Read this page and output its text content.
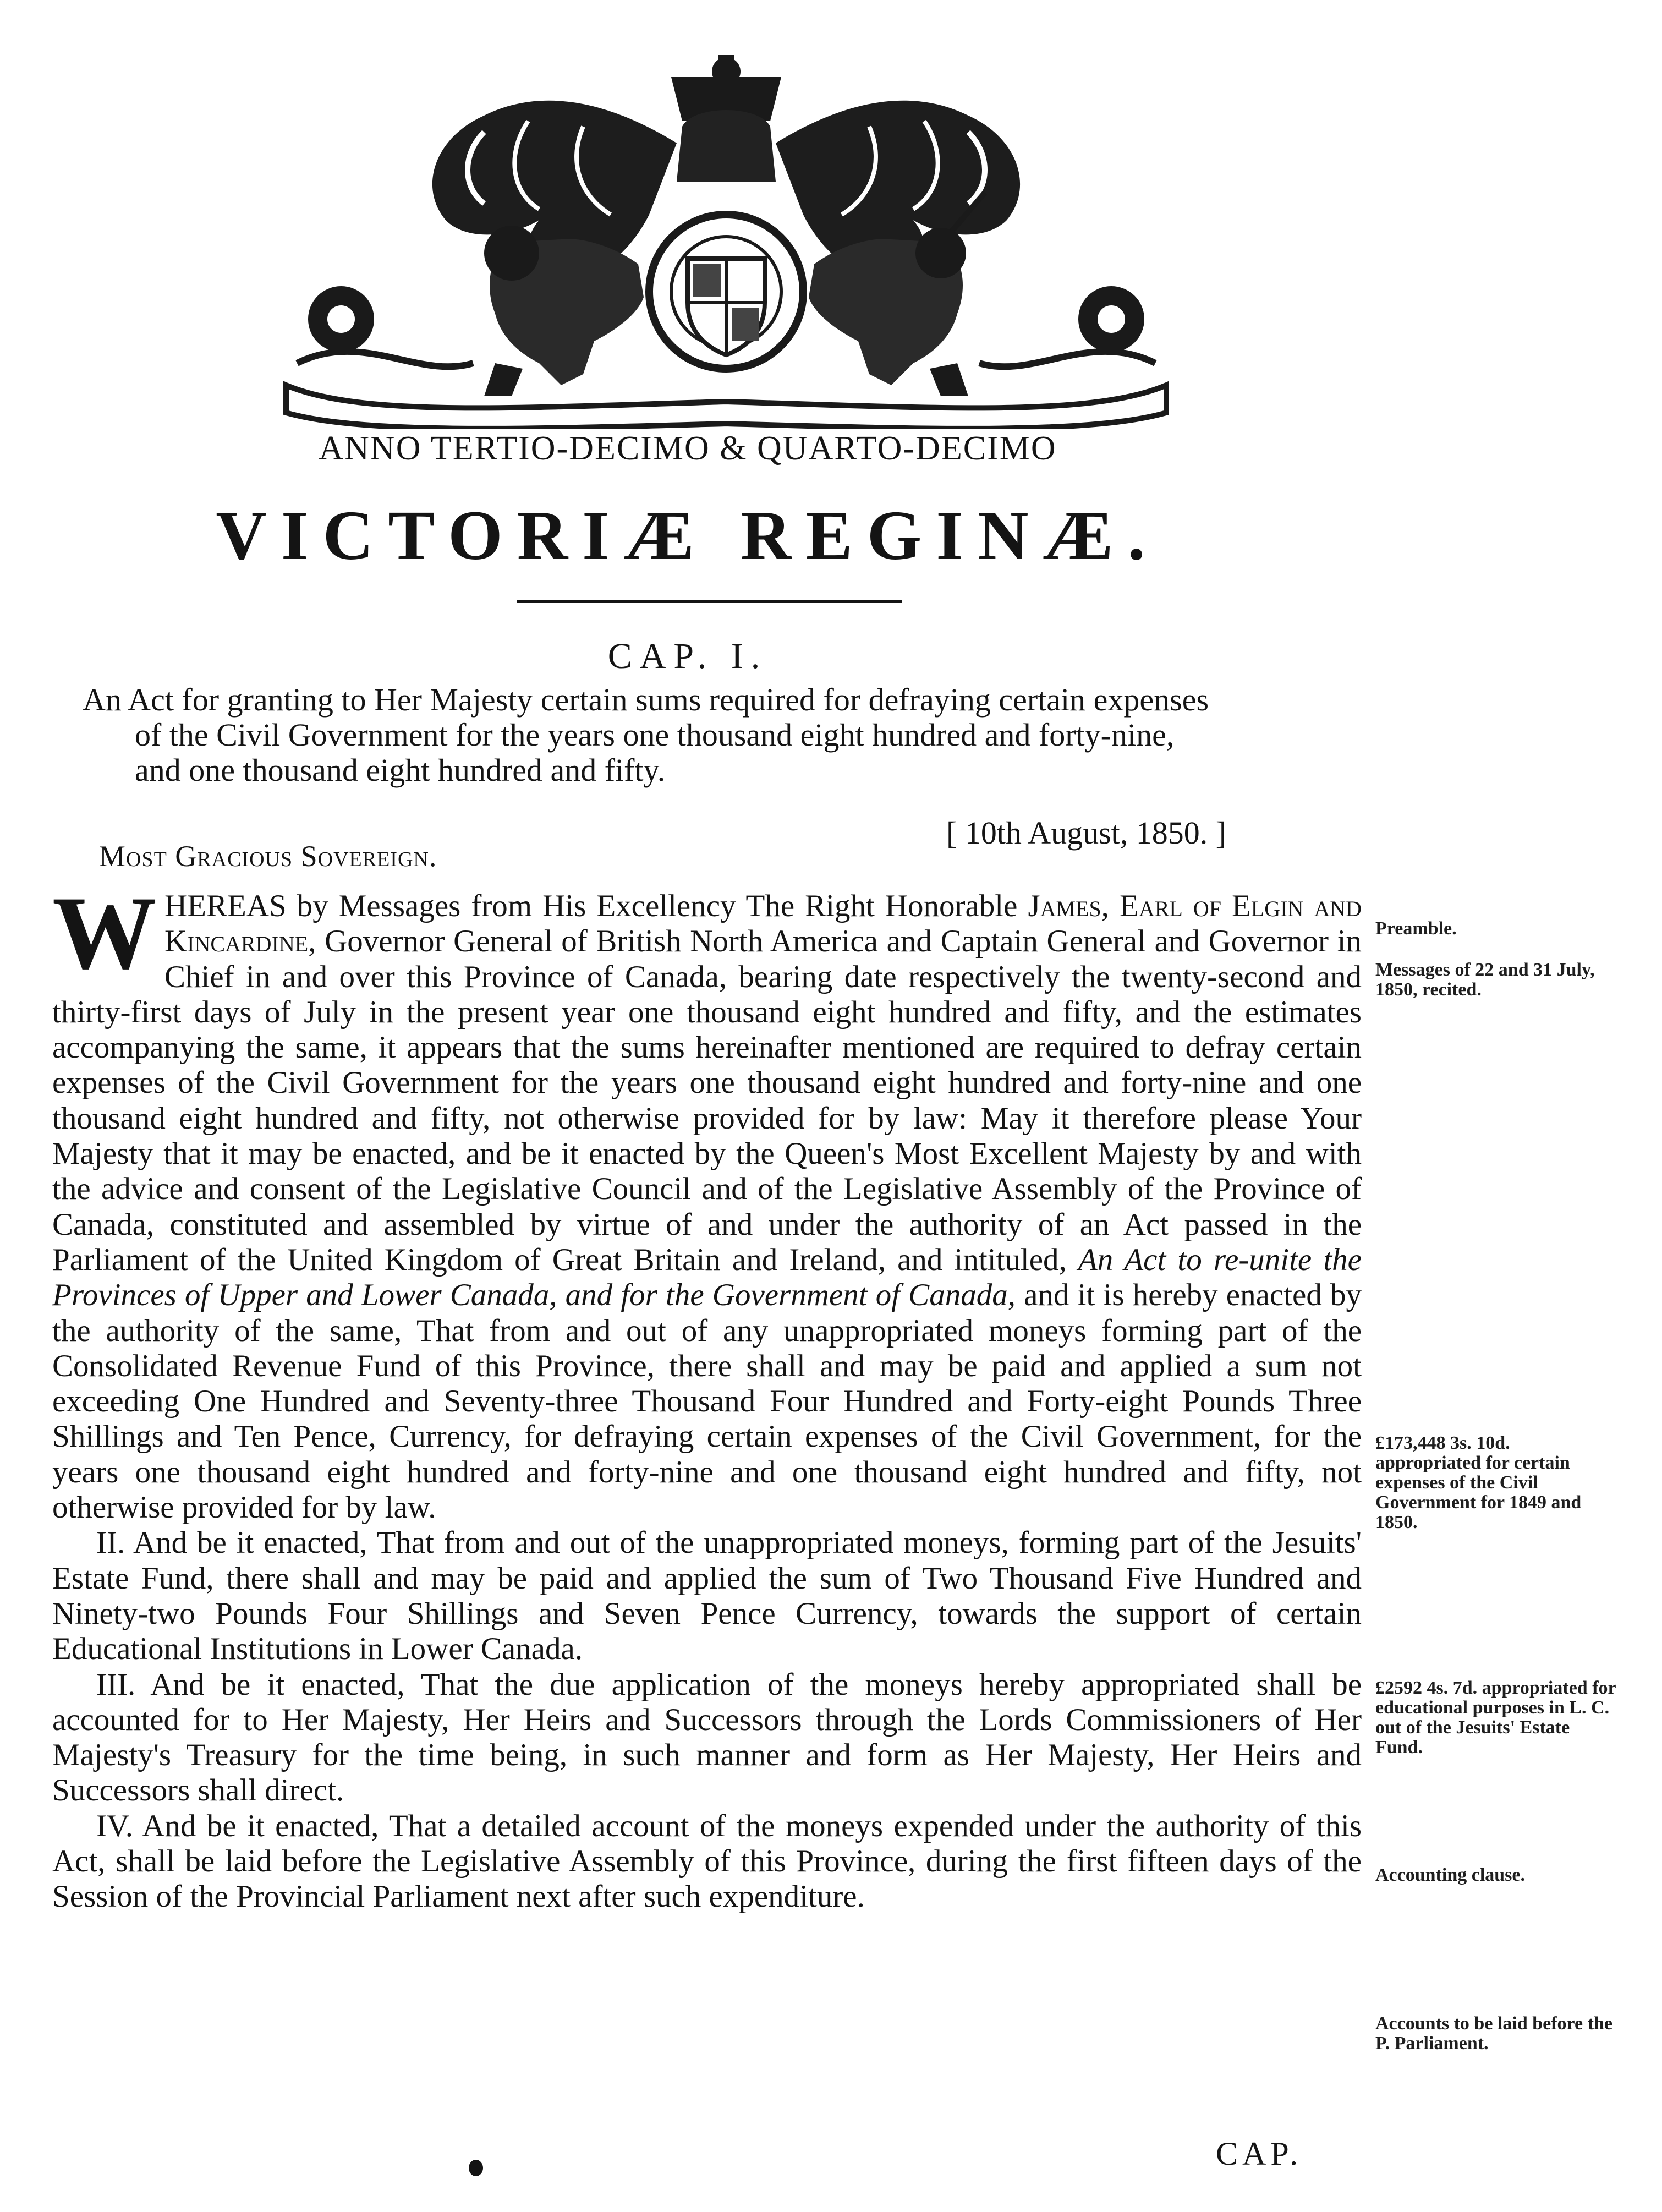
ANNO TERTIO-DECIMO & QUARTO-DECIMO
VICTORIÆ REGINÆ.
CAP. I.
An Act for granting to Her Majesty certain sums required for defraying certain expenses
of the Civil Government for the years one thousand eight hundred and forty-nine,
and one thousand eight hundred and fifty.
[ 10th August, 1850. ]
Most Gracious Sovereign.

WHEREAS by Messages from His Excellency The Right Honorable James, Earl of Elgin and Kincardine, Governor General of British North America and Captain General and Governor in Chief in and over this Province of Canada, bearing date respectively the twenty-second and thirty-first days of July in the present year one thousand eight hundred and fifty, and the estimates accompanying the same, it appears that the sums hereinafter mentioned are required to defray certain expenses of the Civil Government for the years one thousand eight hundred and forty-nine and one thousand eight hundred and fifty, not otherwise provided for by law: May it therefore please Your Majesty that it may be enacted, and be it enacted by the Queen's Most Excellent Majesty by and with the advice and consent of the Legislative Council and of the Legislative Assembly of the Province of Canada, constituted and assembled by virtue of and under the authority of an Act passed in the Parliament of the United Kingdom of Great Britain and Ireland, and intituled, An Act to re-unite the Provinces of Upper and Lower Canada, and for the Government of Canada, and it is hereby enacted by the authority of the same, That from and out of any unappropriated moneys forming part of the Consolidated Revenue Fund of this Province, there shall and may be paid and applied a sum not exceeding One Hundred and Seventy-three Thousand Four Hundred and Forty-eight Pounds Three Shillings and Ten Pence, Currency, for defraying certain expenses of the Civil Government, for the years one thousand eight hundred and forty-nine and one thousand eight hundred and fifty, not otherwise provided for by law.

II. And be it enacted, That from and out of the unappropriated moneys, forming part of the Jesuits' Estate Fund, there shall and may be paid and applied the sum of Two Thousand Five Hundred and Ninety-two Pounds Four Shillings and Seven Pence Currency, towards the support of certain Educational Institutions in Lower Canada.

III. And be it enacted, That the due application of the moneys hereby appropriated shall be accounted for to Her Majesty, Her Heirs and Successors through the Lords Commissioners of Her Majesty's Treasury for the time being, in such manner and form as Her Majesty, Her Heirs and Successors shall direct.

IV. And be it enacted, That a detailed account of the moneys expended under the authority of this Act, shall be laid before the Legislative Assembly of this Province, during the first fifteen days of the Session of the Provincial Parliament next after such expenditure.

Preamble.
Messages of 22 and 31 July, 1850, recited.
£173,448 3s. 10d. appropriated for certain expenses of the Civil Government for 1849 and 1850.
£2592 4s. 7d. appropriated for educational purposes in L. C. out of the Jesuits' Estate Fund.
Accounting clause.
Accounts to be laid before the P. Parliament.
CAP.
